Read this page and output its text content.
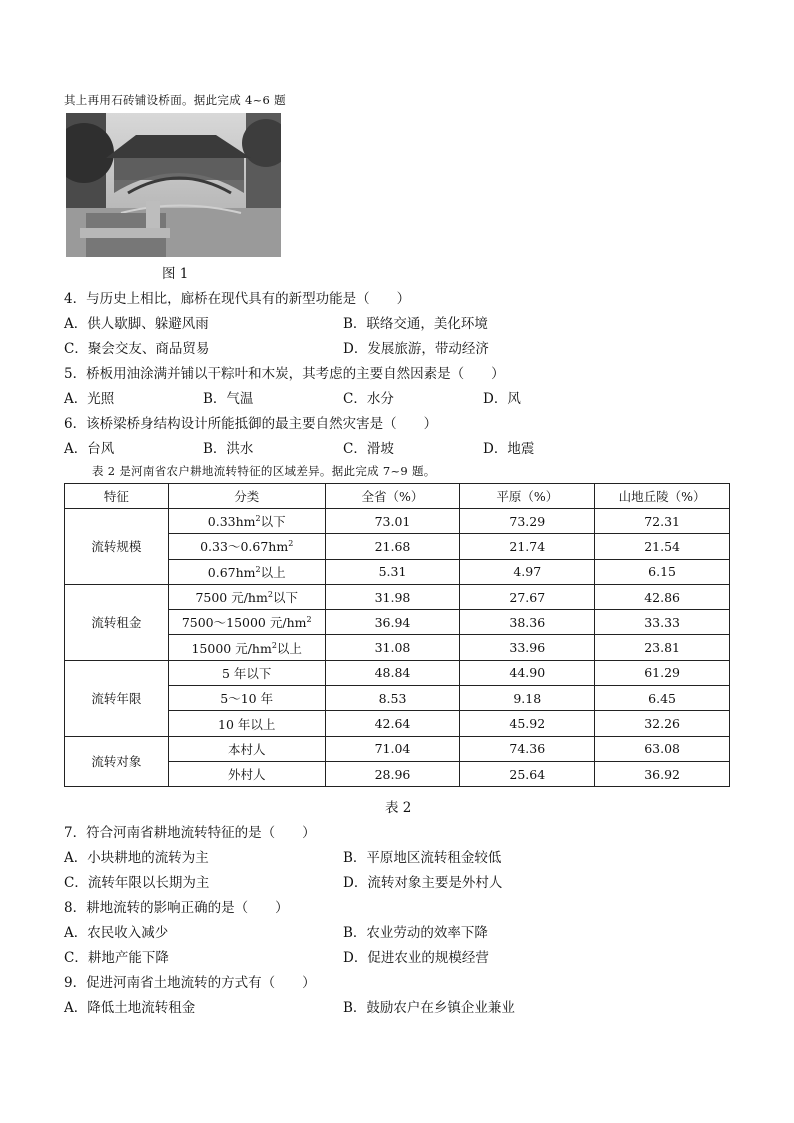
其上再用石砖铺设桥面。据此完成 4~6 题
图 1
4．与历史上相比，廊桥在现代具有的新型功能是（　　）
A．供人歇脚、躲避风雨	B．联络交通，美化环境
C．聚会交友、商品贸易	D．发展旅游，带动经济
5．桥板用油涂满并铺以干粽叶和木炭，其考虑的主要自然因素是（　　）
A．光照	B．气温	C．水分	D．风
6．该桥梁桥身结构设计所能抵御的最主要自然灾害是（　　）
A．台风	B．洪水	C．滑坡	D．地震
表 2 是河南省农户耕地流转特征的区域差异。据此完成 7~9 题。
特征	分类	全省（%）	平原（%）	山地丘陵（%）
流转规模	$0.33hm^2$以下	73.01	73.29	72.31
	$0.33\sim 0.67hm^2$	21.68	21.74	21.54
	$0.67hm^2$以上	5.31	4.97	6.15
流转租金	7500 元$/hm^2$以下	31.98	27.67	42.86
	7500～15000 元$/hm^2$	36.94	38.36	33.33
	15000 元$/hm^2$以上	31.08	33.96	23.81
流转年限	5 年以下	48.84	44.90	61.29
	5～10 年	8.53	9.18	6.45
	10 年以上	42.64	45.92	32.26
流转对象	本村人	71.04	74.36	63.08
	外村人	28.96	25.64	36.92
表 2
7．符合河南省耕地流转特征的是（　　）
A．小块耕地的流转为主	B．平原地区流转租金较低
C．流转年限以长期为主	D．流转对象主要是外村人
8．耕地流转的影响正确的是（　　）
A．农民收入减少	B．农业劳动的效率下降
C．耕地产能下降	D．促进农业的规模经营
9．促进河南省土地流转的方式有（　　）
A．降低土地流转租金	B．鼓励农户在乡镇企业兼业
